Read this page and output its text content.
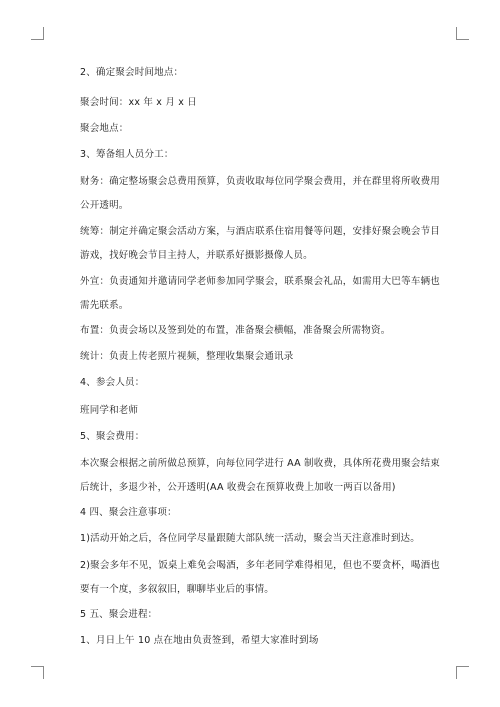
2、确定聚会时间地点：
聚会时间：xx 年 x 月 x 日
聚会地点：
3、筹备组人员分工：
财务：确定整场聚会总费用预算，负责收取每位同学聚会费用，并在群里将所收费用公开透明。
统筹：制定并确定聚会活动方案，与酒店联系住宿用餐等问题，安排好聚会晚会节目游戏，找好晚会节目主持人，并联系好摄影摄像人员。
外宣：负责通知并邀请同学老师参加同学聚会，联系聚会礼品，如需用大巴等车辆也需先联系。
布置：负责会场以及签到处的布置，准备聚会横幅，准备聚会所需物资。
统计：负责上传老照片视频，整理收集聚会通讯录
4、参会人员：
班同学和老师
5、聚会费用：
本次聚会根据之前所做总预算，向每位同学进行 AA 制收费，具体所花费用聚会结束后统计，多退少补，公开透明(AA 收费会在预算收费上加收一两百以备用)
4 四、聚会注意事项：
1)活动开始之后，各位同学尽量跟随大部队统一活动，聚会当天注意准时到达。
2)聚会多年不见，饭桌上难免会喝酒，多年老同学难得相见，但也不要贪杯，喝酒也要有一个度，多叙叙旧，聊聊毕业后的事情。
5 五、聚会进程：
1、月日上午 10 点在地由负责签到，希望大家准时到场
